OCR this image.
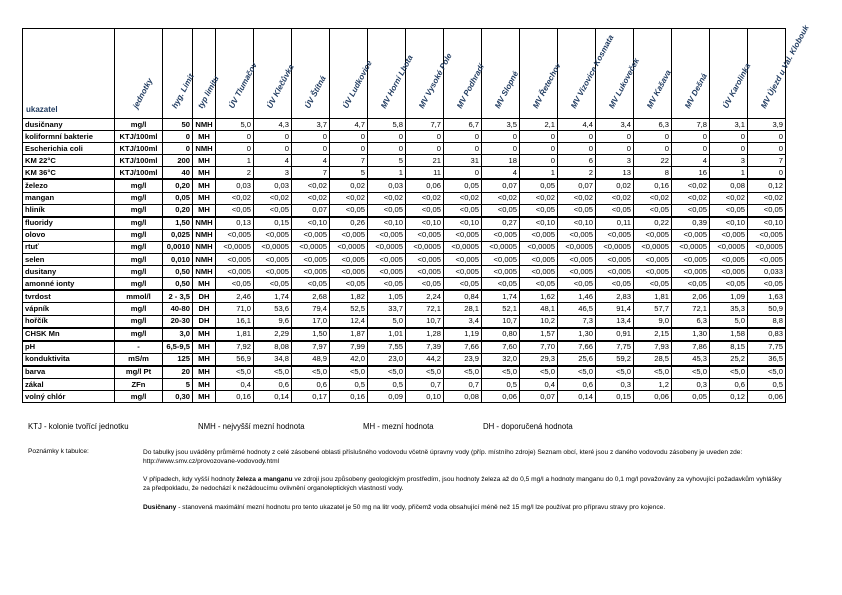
ukazatel	jednotky	hyg. Limit	typ limitu	ÚV Tlumačov	ÚV Klečůvka	ÚV Štítná	ÚV Ludkovice	MV Horní Lhota	MV Vysoké Pole	MV Podhradí	MV Slopné	MV Řetechov	MV Vizovice Kosmata	MV Lukoveček	MV Kašava	MV Dešná	ÚV Karolinka	MV Újezd u Val. Klobouk

dusičnany	mg/l	50	NMH	5,0	4,3	3,7	4,7	5,8	7,7	6,7	3,5	2,1	4,4	3,4	6,3	7,8	3,1	3,9
koliformní bakterie	KTJ/100ml	0	MH	0	0	0	0	0	0	0	0	0	0	0	0	0	0	0
Escherichia coli	KTJ/100ml	0	NMH	0	0	0	0	0	0	0	0	0	0	0	0	0	0	0
KM 22°C	KTJ/100ml	200	MH	1	4	4	7	5	21	31	18	0	6	3	22	4	3	7
KM 36°C	KTJ/100ml	40	MH	2	3	7	5	1	11	0	4	1	2	13	8	16	1	0
železo	mg/l	0,20	MH	0,03	0,03	<0,02	0,02	0,03	0,06	0,05	0,07	0,05	0,07	0,02	0,16	<0,02	0,08	0,12
mangan	mg/l	0,05	MH	<0,02	<0,02	<0,02	<0,02	<0,02	<0,02	<0,02	<0,02	<0,02	<0,02	<0,02	<0,02	<0,02	<0,02	<0,02
hliník	mg/l	0,20	MH	<0,05	<0,05	0,07	<0,05	<0,05	<0,05	<0,05	<0,05	<0,05	<0,05	<0,05	<0,05	<0,05	<0,05	<0,05
fluoridy	mg/l	1,50	NMH	0,13	0,15	<0,10	0,26	<0,10	<0,10	<0,10	0,27	<0,10	<0,10	0,11	0,22	0,39	<0,10	<0,10
olovo	mg/l	0,025	NMH	<0,005	<0,005	<0,005	<0,005	<0,005	<0,005	<0,005	<0,005	<0,005	<0,005	<0,005	<0,005	<0,005	<0,005	<0,005
rtuť	mg/l	0,0010	NMH	<0,0005	<0,0005	<0,0005	<0,0005	<0,0005	<0,0005	<0,0005	<0,0005	<0,0005	<0,0005	<0,0005	<0,0005	<0,0005	<0,0005	<0,0005
selen	mg/l	0,010	NMH	<0,005	<0,005	<0,005	<0,005	<0,005	<0,005	<0,005	<0,005	<0,005	<0,005	<0,005	<0,005	<0,005	<0,005	<0,005
dusitany	mg/l	0,50	NMH	<0,005	<0,005	<0,005	<0,005	<0,005	<0,005	<0,005	<0,005	<0,005	<0,005	<0,005	<0,005	<0,005	<0,005	0,033
amonné ionty	mg/l	0,50	MH	<0,05	<0,05	<0,05	<0,05	<0,05	<0,05	<0,05	<0,05	<0,05	<0,05	<0,05	<0,05	<0,05	<0,05	<0,05
tvrdost	mmol/l	2 - 3,5	DH	2,46	1,74	2,68	1,82	1,05	2,24	0,84	1,74	1,62	1,46	2,83	1,81	2,06	1,09	1,63
vápník	mg/l	40-80	DH	71,0	53,6	79,4	52,5	33,7	72,1	28,1	52,1	48,1	46,5	91,4	57,7	72,1	35,3	50,9
hořčík	mg/l	20-30	DH	16,1	9,6	17,0	12,4	5,0	10,7	3,4	10,7	10,2	7,3	13,4	9,0	6,3	5,0	8,8
CHSK Mn	mg/l	3,0	MH	1,81	2,29	1,50	1,87	1,01	1,28	1,19	0,80	1,57	1,30	0,91	2,15	1,30	1,58	0,83
pH	-	6,5-9,5	MH	7,92	8,08	7,97	7,99	7,55	7,39	7,66	7,60	7,70	7,66	7,75	7,93	7,86	8,15	7,75
konduktivita	mS/m	125	MH	56,9	34,8	48,9	42,0	23,0	44,2	23,9	32,0	29,3	25,6	59,2	28,5	45,3	25,2	36,5
barva	mg/l Pt	20	MH	<5,0	<5,0	<5,0	<5,0	<5,0	<5,0	<5,0	<5,0	<5,0	<5,0	<5,0	<5,0	<5,0	<5,0	<5,0
zákal	ZFn	5	MH	0,4	0,6	0,6	0,5	0,5	0,7	0,7	0,5	0,4	0,6	0,3	1,2	0,3	0,6	0,5
volný chlór	mg/l	0,30	MH	0,16	0,14	0,17	0,16	0,09	0,10	0,08	0,06	0,07	0,14	0,15	0,06	0,05	0,12	0,06
KTJ - kolonie tvořící jednotku	NMH - nejvyšší mezní hodnota	MH - mezní hodnota	DH - doporučená hodnota
Poznámky k tabulce:	Do tabulky jsou uváděny průměrné hodnoty z celé zásobené oblasti příslušného vodovodu včetně úpravny vody (příp. místního zdroje) Seznam obcí, které jsou z daného vodovodu zásobeny je uveden zde: http://www.smv.cz/provozovane-vodovody.html
V případech, kdy vyšší hodnoty železa a manganu ve zdroji jsou způsobeny geologickým prostředím, jsou hodnoty železa až do 0,5 mg/l a hodnoty manganu do 0,1 mg/l považovány za vyhovující požadavkům vyhlášky za předpokladu, že nedochází k nežádoucímu ovlivnění organoleptických vlastností vody.
Dusičnany - stanovená maximální mezní hodnotu pro tento ukazatel je 50 mg na litr vody, přičemž voda obsahující méně než 15 mg/l lze používat pro přípravu stravy pro kojence.
